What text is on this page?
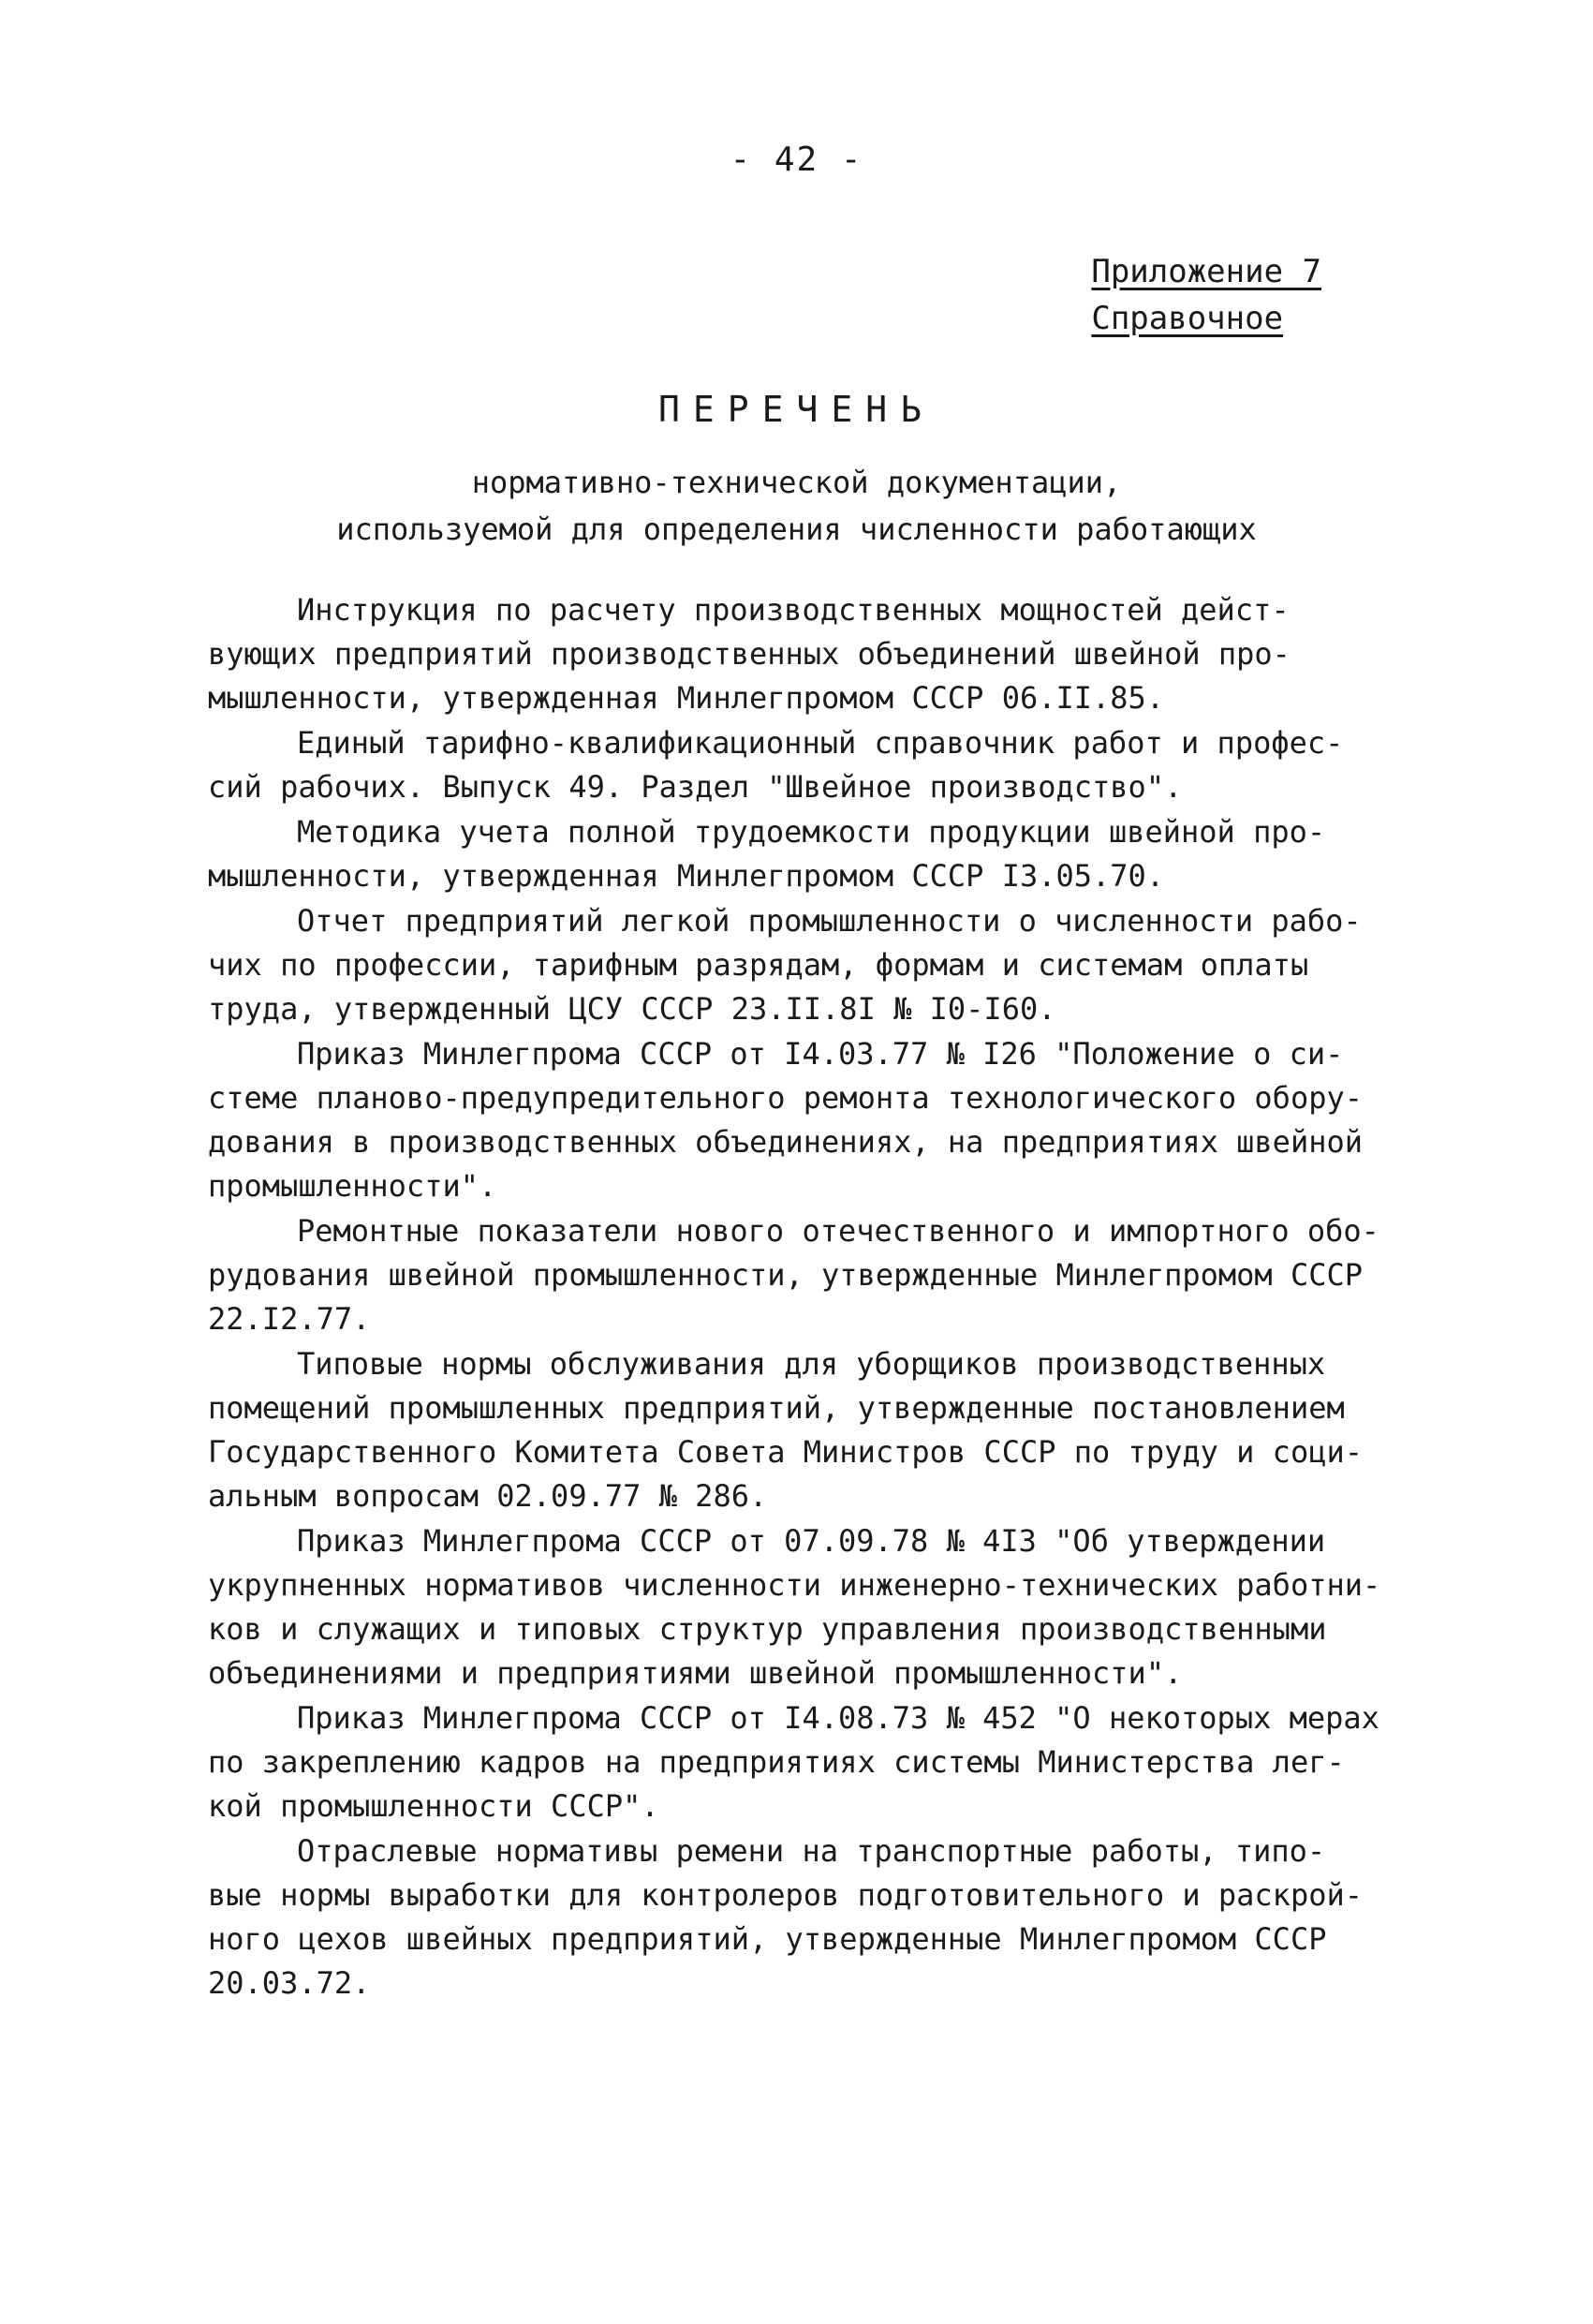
- 42 -
Приложение 7
Справочное
ПЕРЕЧЕНЬ
нормативно-технической документации,
используемой для определения численности работающих
Инструкция по расчету производственных мощностей дейст-
вующих предприятий производственных объединений швейной про-
мышленности, утвержденная Минлегпромом СССР 06.II.85.
Единый тарифно-квалификационный справочник работ и профес-
сий рабочих. Выпуск 49. Раздел "Швейное производство".
Методика учета полной трудоемкости продукции швейной про-
мышленности, утвержденная Минлегпромом СССР I3.05.70.
Отчет предприятий легкой промышленности о численности рабо-
чих по профессии, тарифным разрядам, формам и системам оплаты
труда, утвержденный ЦСУ СССР 23.II.8I № I0-I60.
Приказ Минлегпрома СССР от I4.03.77 № I26 "Положение о си-
стеме планово-предупредительного ремонта технологического обору-
дования в производственных объединениях, на предприятиях швейной
промышленности".
Ремонтные показатели нового отечественного и импортного обо-
рудования швейной промышленности, утвержденные Минлегпромом СССР
22.I2.77.
Типовые нормы обслуживания для уборщиков производственных
помещений промышленных предприятий, утвержденные постановлением
Государственного Комитета Совета Министров СССР по труду и соци-
альным вопросам 02.09.77 № 286.
Приказ Минлегпрома СССР от 07.09.78 № 4I3 "Об утверждении
укрупненных нормативов численности инженерно-технических работни-
ков и служащих и типовых структур управления производственными
объединениями и предприятиями швейной промышленности".
Приказ Минлегпрома СССР от I4.08.73 № 452 "О некоторых мерах
по закреплению кадров на предприятиях системы Министерства лег-
кой промышленности СССР".
Отраслевые нормативы ремени на транспортные работы, типо-
вые нормы выработки для контролеров подготовительного и раскрой-
ного цехов швейных предприятий, утвержденные Минлегпромом СССР
20.03.72.
